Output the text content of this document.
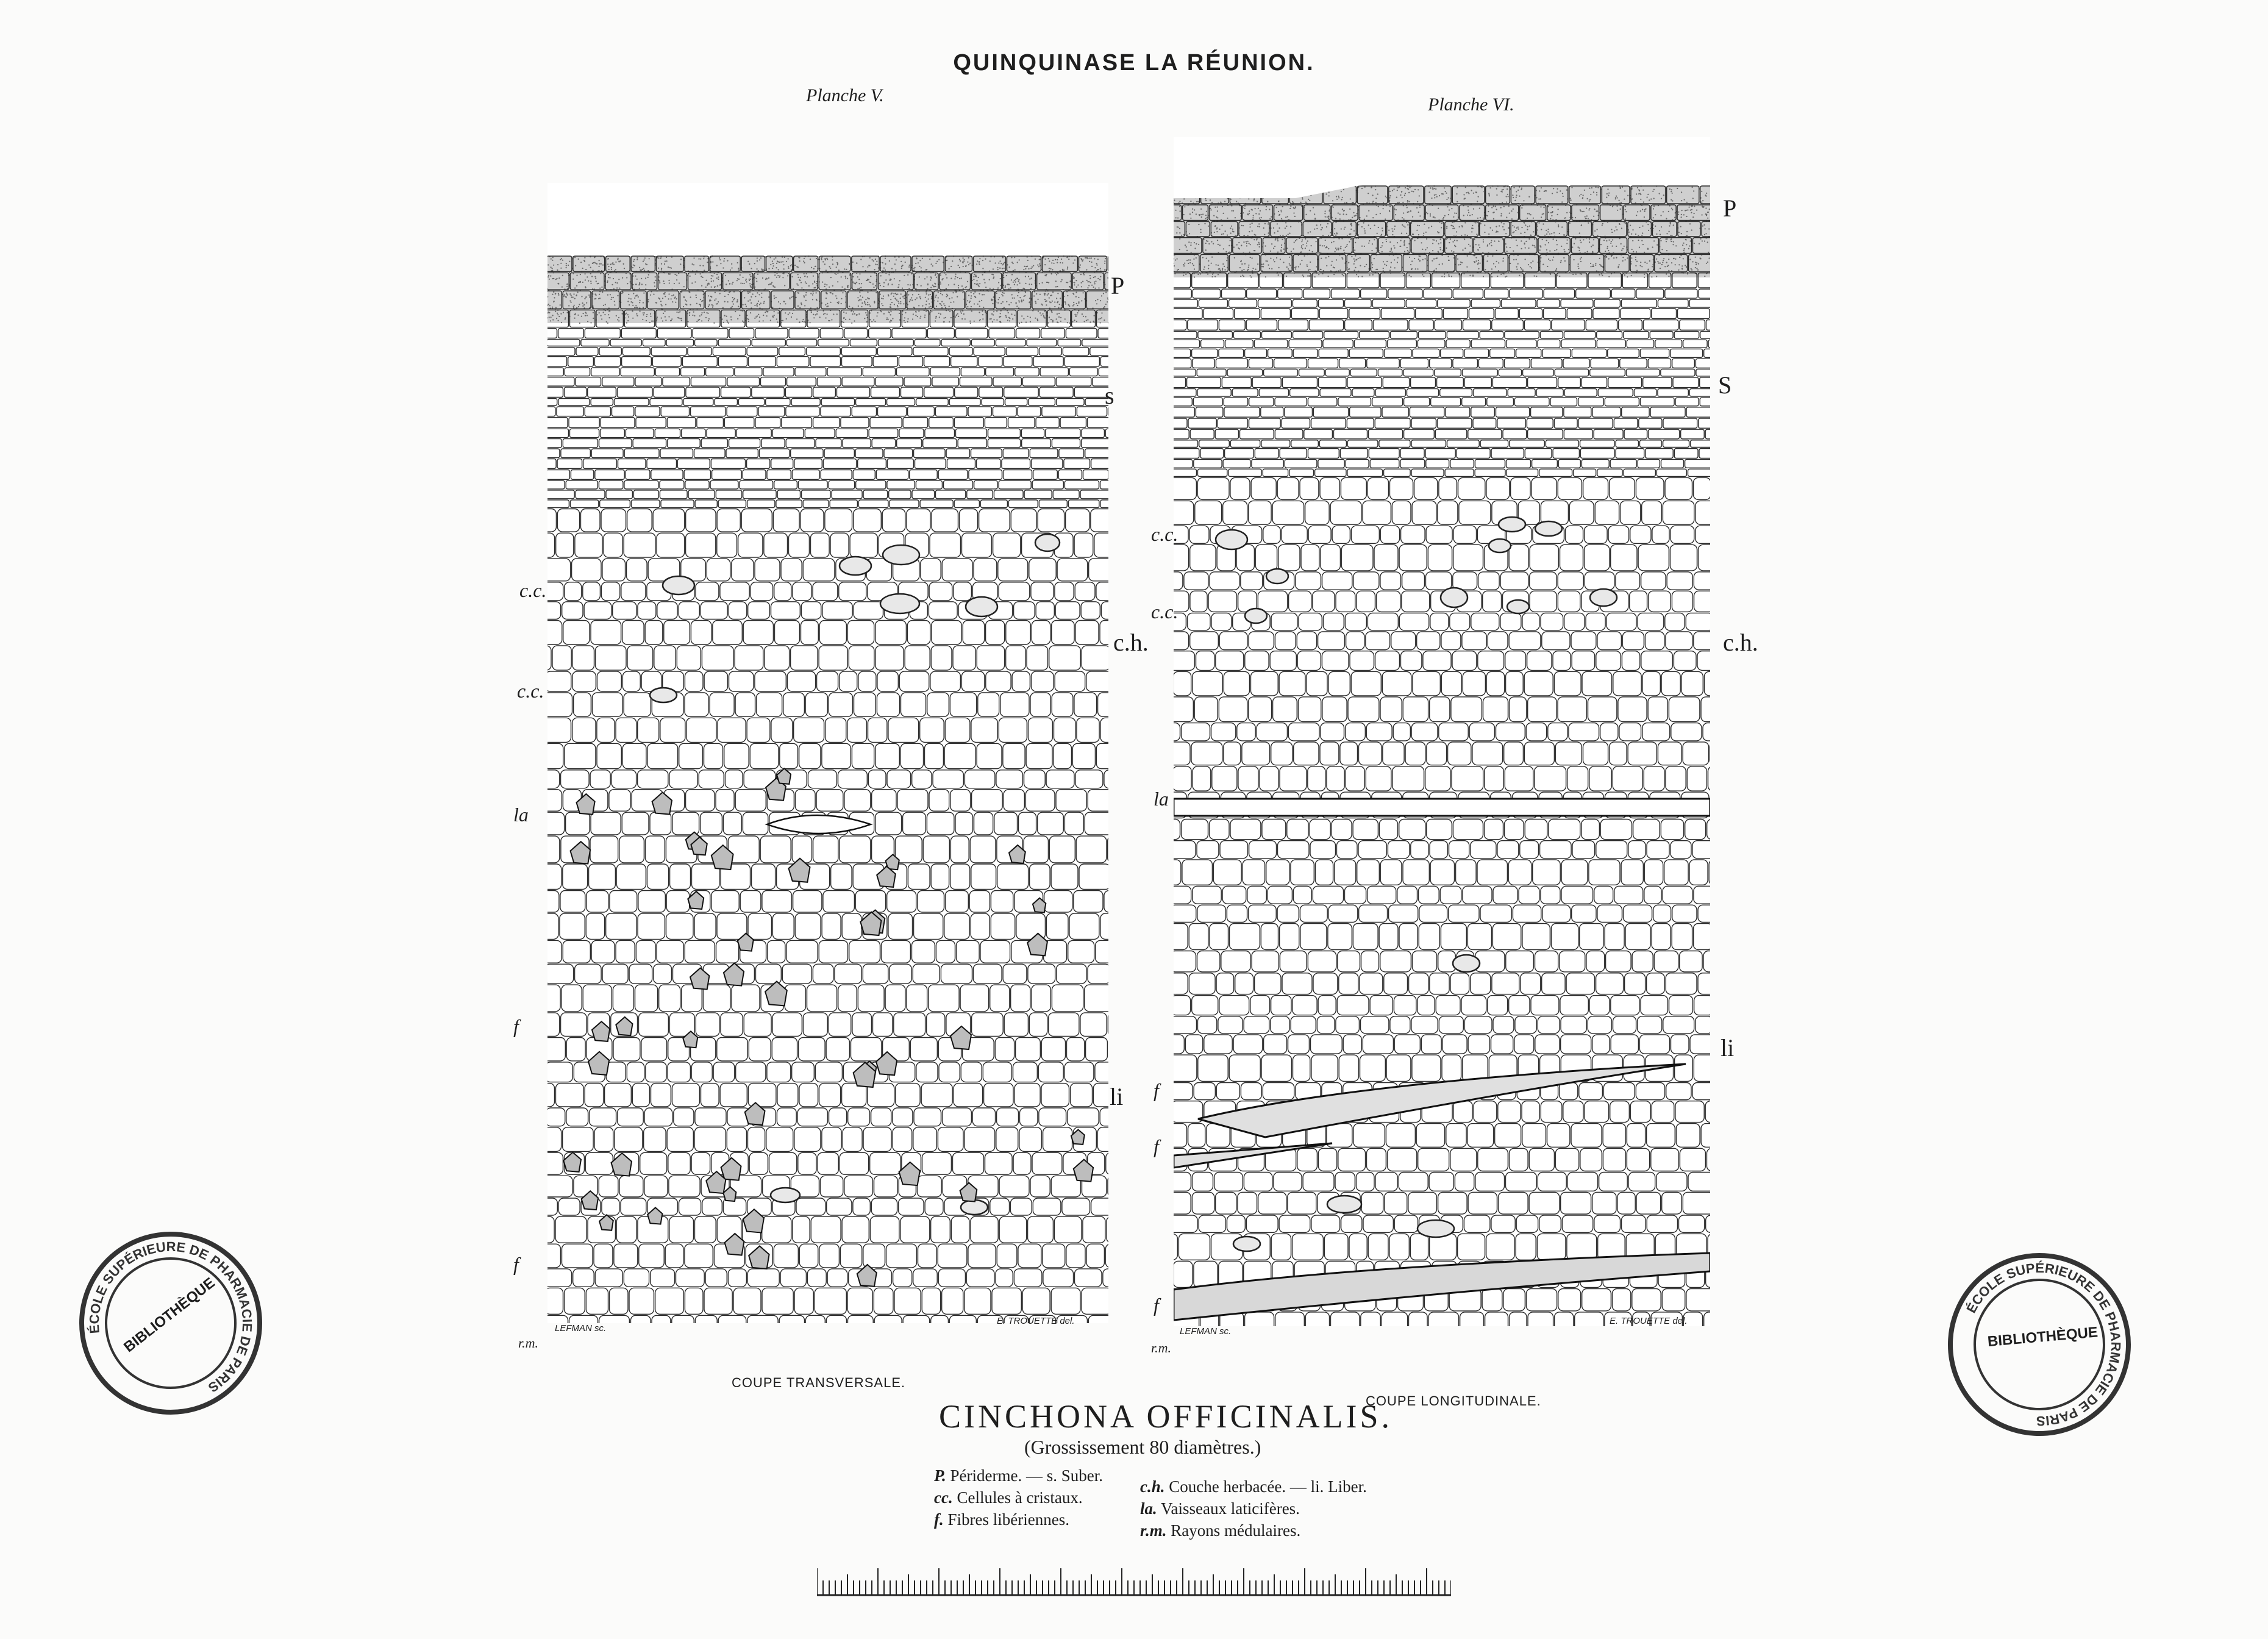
QUINQUINASE LA RÉUNION.
Planche V.	Planche VI.
P
s
c.c.
c.c.
c.h.
la
f
li
f
r.m.
P
S
c.c.
c.c.
c.h.
la
li
f
f
f
r.m.
LEFMAN sc.
E. TROUETTE del.
LEFMAN sc.
E. TROUETTE del.
COUPE TRANSVERSALE.
COUPE LONGITUDINALE.
CINCHONA OFFICINALIS.
(Grossissement 80 diamètres.)
P. Périderme. — s. Suber.
cc. Cellules à cristaux.
f. Fibres libériennes.
c.h. Couche herbacée. — li. Liber.
la. Vaisseaux laticifères.
r.m. Rayons médulaires.
ÉCOLE SUPÉRIEURE DE PHARMACIE DE PARIS
BIBLIOTHÈQUE	ÉCOLE SUPÉRIEURE DE PHARMACIE DE PARIS
BIBLIOTHÈQUE
